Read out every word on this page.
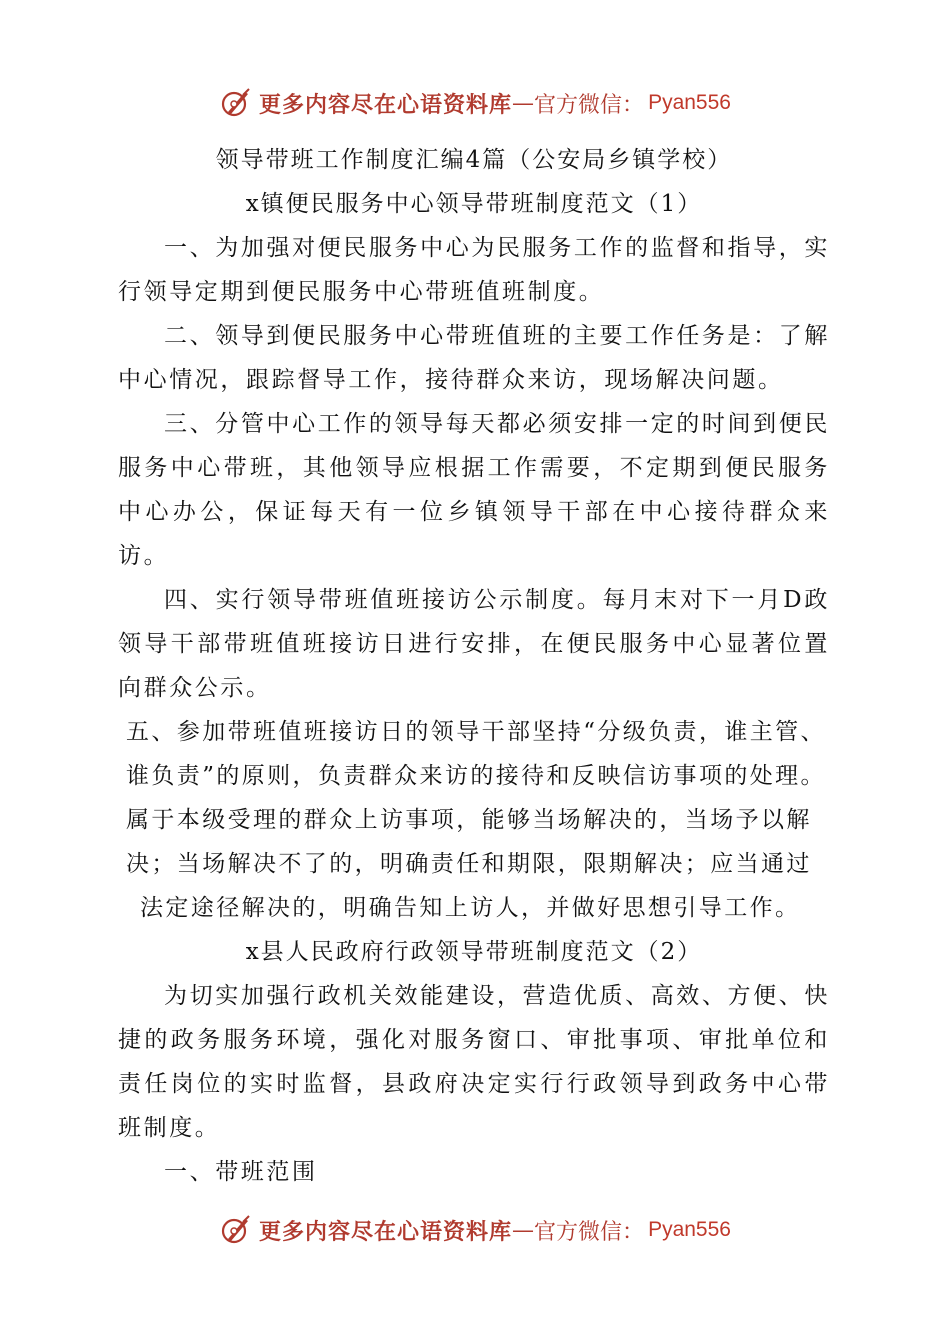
更多内容尽在心语资料库 — 官方微信： Pyan556

领导带班工作制度汇编4篇（公安局乡镇学校）

x镇便民服务中心领导带班制度范文（1）

一、为加强对便民服务中心为民服务工作的监督和指导，实行领导定期到便民服务中心带班值班制度。

二、领导到便民服务中心带班值班的主要工作任务是：了解中心情况，跟踪督导工作，接待群众来访，现场解决问题。

三、分管中心工作的领导每天都必须安排一定的时间到便民服务中心带班，其他领导应根据工作需要，不定期到便民服务中心办公，保证每天有一位乡镇领导干部在中心接待群众来访。

四、实行领导带班值班接访公示制度。每月末对下一月D政领导干部带班值班接访日进行安排，在便民服务中心显著位置向群众公示。

五、参加带班值班接访日的领导干部坚持“分级负责，谁主管、

谁负责”的原则，负责群众来访的接待和反映信访事项的处理。

属于本级受理的群众上访事项，能够当场解决的，当场予以解

决；当场解决不了的，明确责任和期限，限期解决；应当通过

法定途径解决的，明确告知上访人，并做好思想引导工作。

x县人民政府行政领导带班制度范文（2）

为切实加强行政机关效能建设，营造优质、高效、方便、快捷的政务服务环境，强化对服务窗口、审批事项、审批单位和责任岗位的实时监督，县政府决定实行行政领导到政务中心带班制度。

一、带班范围

更多内容尽在心语资料库 — 官方微信： Pyan556
